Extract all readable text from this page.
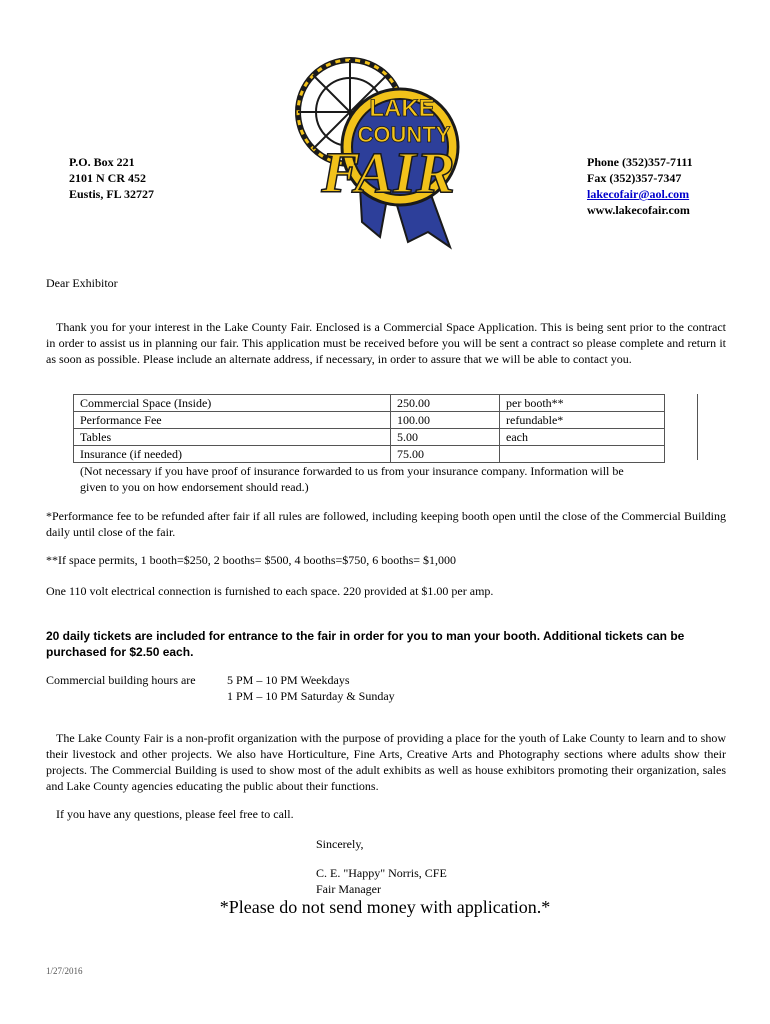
P.O. Box 221
2101 N CR 452
Eustis, FL 32727
LAKE
COUNTY
FAIR	Phone (352)357-7111
Fax (352)357-7347
lakecofair@aol.com
www.lakecofair.com
Dear Exhibitor
Thank you for your interest in the Lake County Fair. Enclosed is a Commercial Space Application. This is being sent prior to the contract in order to assist us in planning our fair. This application must be received before you will be sent a contract so please complete and return it as soon as possible. Please include an alternate address, if necessary, in order to assure that we will be able to contact you.
Commercial Space (Inside)	250.00	per booth**
Performance Fee	100.00	refundable*
Tables	5.00	each
Insurance (if needed)	75.00	
(Not necessary if you have proof of insurance forwarded to us from your insurance company. Information will be given to you on how endorsement should read.)
*Performance fee to be refunded after fair if all rules are followed, including keeping booth open until the close of the Commercial Building daily until close of the fair.
**If space permits, 1 booth=$250, 2 booths= $500, 4 booths=$750, 6 booths= $1,000
One 110 volt electrical connection is furnished to each space. 220 provided at $1.00 per amp.
20 daily tickets are included for entrance to the fair in order for you to man your booth. Additional tickets can be purchased for $2.50 each.
Commercial building hours are	5 PM – 10 PM Weekdays
1 PM – 10 PM Saturday & Sunday
The Lake County Fair is a non-profit organization with the purpose of providing a place for the youth of Lake County to learn and to show their livestock and other projects. We also have Horticulture, Fine Arts, Creative Arts and Photography sections where adults show their projects. The Commercial Building is used to show most of the adult exhibits as well as house exhibitors promoting their organization, sales and Lake County agencies educating the public about their functions.
If you have any questions, please feel free to call.
Sincerely,
C. E. "Happy" Norris, CFE
Fair Manager
*Please do not send money with application.*
1/27/2016
